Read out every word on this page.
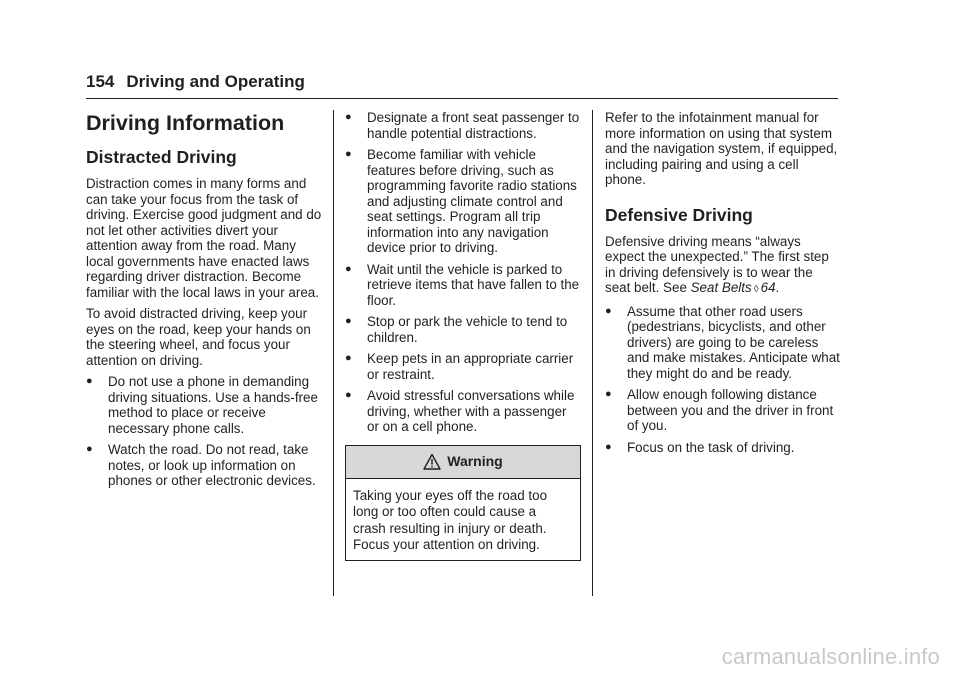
154 Driving and Operating
Driving Information
Distracted Driving

Distraction comes in many forms and can take your focus from the task of driving. Exercise good judgment and do not let other activities divert your attention away from the road. Many local governments have enacted laws regarding driver distraction. Become familiar with the local laws in your area.

To avoid distracted driving, keep your eyes on the road, keep your hands on the steering wheel, and focus your attention on driving.

●	Do not use a phone in demanding driving situations. Use a hands-free method to place or receive necessary phone calls.
●	Watch the road. Do not read, take notes, or look up information on phones or other electronic devices.
●	Designate a front seat passenger to handle potential distractions.
●	Become familiar with vehicle features before driving, such as programming favorite radio stations and adjusting climate control and seat settings. Program all trip information into any navigation device prior to driving.
●	Wait until the vehicle is parked to retrieve items that have fallen to the floor.
●	Stop or park the vehicle to tend to children.
●	Keep pets in an appropriate carrier or restraint.
●	Avoid stressful conversations while driving, whether with a passenger or on a cell phone.
Warning
Taking your eyes off the road too long or too often could cause a crash resulting in injury or death. Focus your attention on driving.

Refer to the infotainment manual for more information on using that system and the navigation system, if equipped, including pairing and using a cell phone.

Defensive Driving

Defensive driving means “always expect the unexpected.” The first step in driving defensively is to wear the seat belt. See Seat Belts ◊ 64.

●	Assume that other road users (pedestrians, bicyclists, and other drivers) are going to be careless and make mistakes. Anticipate what they might do and be ready.
●	Allow enough following distance between you and the driver in front of you.
●	Focus on the task of driving.
carmanualsonline.info
